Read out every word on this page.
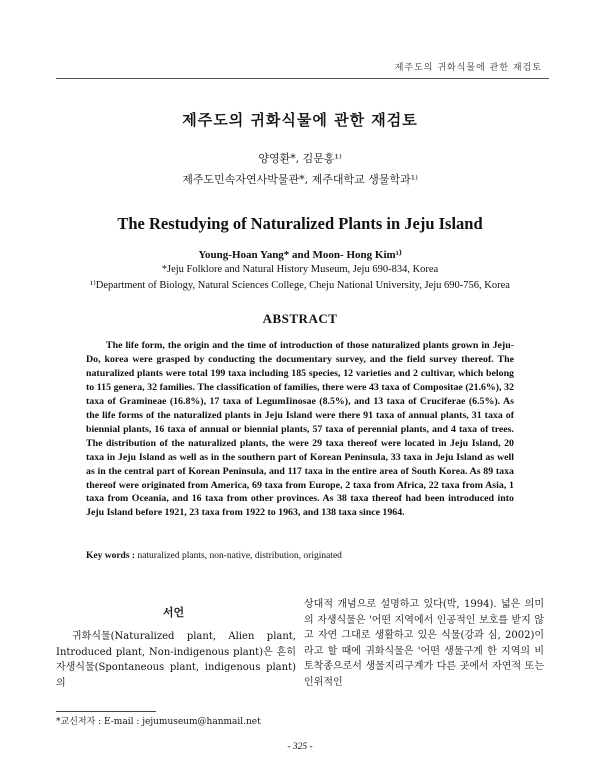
제주도의 귀화식물에 관한 재검토
제주도의 귀화식물에 관한 재검토
양영환*, 김문홍¹⁾
제주도민속자연사박물관*, 제주대학교 생물학과¹⁾
The Restudying of Naturalized Plants in Jeju Island
Young-Hoan Yang* and Moon- Hong Kim¹⁾
*Jeju Folklore and Natural History Museum, Jeju 690-834, Korea
¹⁾Department of Biology, Natural Sciences College, Cheju National University, Jeju 690-756, Korea
ABSTRACT

The life form, the origin and the time of introduction of those naturalized plants grown in Jeju-Do, korea were grasped by conducting the documentary survey, and the field survey thereof. The naturalized plants were total 199 taxa including 185 species, 12 varieties and 2 cultivar, which belong to 115 genera, 32 families. The classification of families, there were 43 taxa of Compositae (21.6%), 32 taxa of Gramineae (16.8%), 17 taxa of LegumIinosae (8.5%), and 13 taxa of Cruciferae (6.5%). As the life forms of the naturalized plants in Jeju Island were there 91 taxa of annual plants, 31 taxa of biennial plants, 16 taxa of annual or biennial plants, 57 taxa of perennial plants, and 4 taxa of trees. The distribution of the naturalized plants, the were 29 taxa thereof were located in Jeju Island, 20 taxa in Jeju Island as well as in the southern part of Korean Peninsula, 33 taxa in Jeju Island as well as in the central part of Korean Peninsula, and 117 taxa in the entire area of South Korea. As 89 taxa thereof were originated from America, 69 taxa from Europe, 2 taxa from Africa, 22 taxa from Asia, 1 taxa from Oceania, and 16 taxa from other provinces. As 38 taxa thereof had been introduced into Jeju Island before 1921, 23 taxa from 1922 to 1963, and 138 taxa since 1964.

Key words : naturalized plants, non-native, distribution, originated
서언

귀화식물(Naturalized plant, Alien plant, Introduced plant, Non-indigenous plant)은 흔히 자생식물(Spontaneous plant, indigenous plant)의

상대적 개념으로 설명하고 있다(박, 1994). 넓은 의미의 자생식물은 '어떤 지역에서 인공적인 보호를 받지 않고 자연 그대로 생활하고 있은 식물(강과 심, 2002)이라고 할 때에 귀화식물은 '어떤 생물구계 한 지역의 비토착종으로서 생물지리구계가 다른 곳에서 자연적 또는 인위적인

*교신저자 : E-mail : jejumuseum@hanmail.net
- 325 -
